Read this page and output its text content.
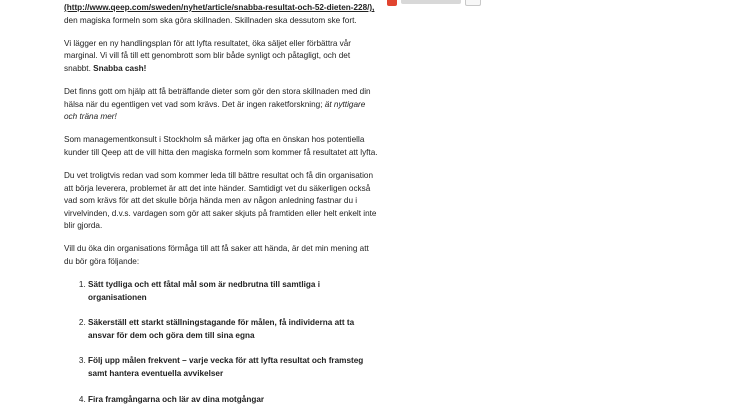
(http://www.qeep.com/sweden/nyhet/article/snabba-resultat-och-52-dieten-228/), den magiska formeln som ska göra skillnaden. Skillnaden ska dessutom ske fort.

Vi lägger en ny handlingsplan för att lyfta resultatet, öka säljet eller förbättra vår marginal. Vi vill få till ett genombrott som blir både synligt och påtagligt, och det snabbt. Snabba cash!

Det finns gott om hjälp att få beträffande dieter som gör den stora skillnaden med din hälsa när du egentligen vet vad som krävs. Det är ingen raketforskning; ät nyttigare och träna mer!

Som managementkonsult i Stockholm så märker jag ofta en önskan hos potentiella kunder till Qeep att de vill hitta den magiska formeln som kommer få resultatet att lyfta.

Du vet troligtvis redan vad som kommer leda till bättre resultat och få din organisation att börja leverera, problemet är att det inte händer. Samtidigt vet du säkerligen också vad som krävs för att det skulle börja hända men av någon anledning fastnar du i virvelvinden, d.v.s. vardagen som gör att saker skjuts på framtiden eller helt enkelt inte blir gjorda.

Vill du öka din organisations förmåga till att få saker att hända, är det min mening att du bör göra följande:

1. Sätt tydliga och ett fåtal mål som är nedbrutna till samtliga i organisationen
2. Säkerställ ett starkt ställningstagande för målen, få individerna att ta ansvar för dem och göra dem till sina egna
3. Följ upp målen frekvent – varje vecka för att lyfta resultat och framsteg samt hantera eventuella avvikelser
4. Fira framgångarna och lär av dina motgångar
